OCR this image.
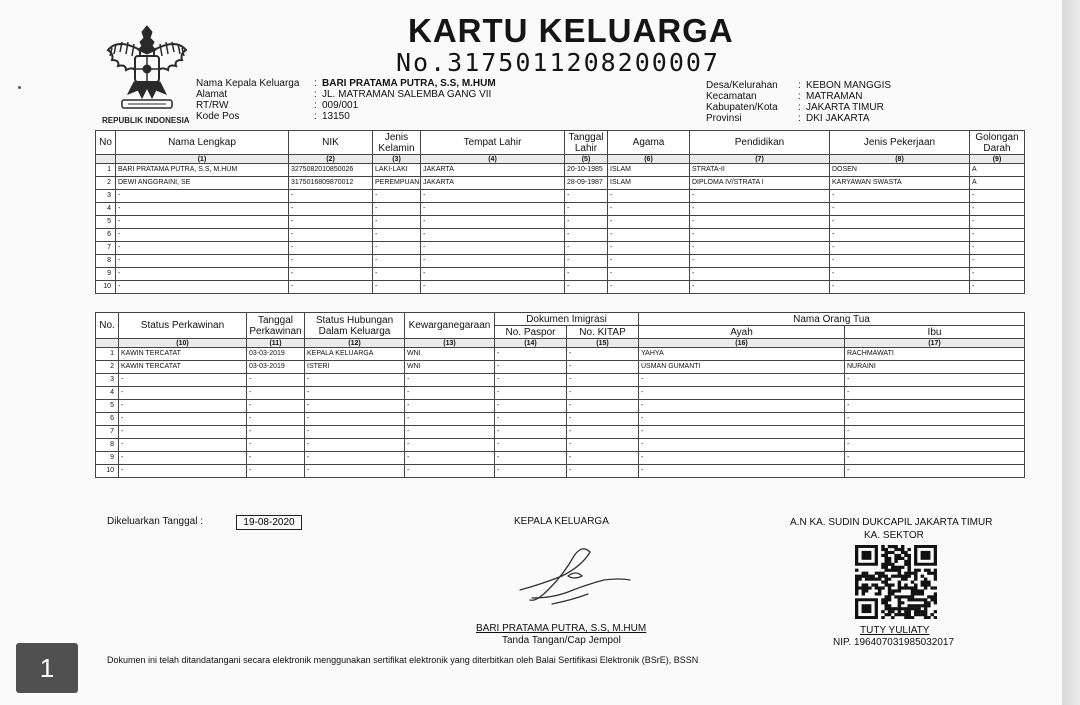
REPUBLIK INDONESIA
KARTU KELUARGA
No.3175011208200007
Nama Kepala Keluarga	: BARI PRATAMA PUTRA, S.S, M.HUM
Alamat	: JL. MATRAMAN SALEMBA GANG VII
RT/RW	: 009/001
Kode Pos	: 13150
Desa/Kelurahan	: KEBON MANGGIS
Kecamatan	: MATRAMAN
Kabupaten/Kota	: JAKARTA TIMUR
Provinsi	: DKI JAKARTA
No	Nama Lengkap	NIK	Jenis Kelamin	Tempat Lahir	Tanggal Lahir	Agama	Pendidikan	Jenis Pekerjaan	Golongan Darah
	(1)	(2)	(3)	(4)	(5)	(6)	(7)	(8)	(9)
1	BARI PRATAMA PUTRA, S.S, M.HUM	3275082010850026	LAKI-LAKI	JAKARTA	20-10-1985	ISLAM	STRATA-II	DOSEN	A
2	DEWI ANGGRAINI, SE	3175016809870012	PEREMPUAN	JAKARTA	28-09-1987	ISLAM	DIPLOMA IV/STRATA I	KARYAWAN SWASTA	A
3	-	-	-	-	-	-	-	-	-
4	-	-	-	-	-	-	-	-	-
5	-	-	-	-	-	-	-	-	-
6	-	-	-	-	-	-	-	-	-
7	-	-	-	-	-	-	-	-	-
8	-	-	-	-	-	-	-	-	-
9	-	-	-	-	-	-	-	-	-
10	-	-	-	-	-	-	-	-	-
No.	Status Perkawinan	Tanggal Perkawinan	Status Hubungan Dalam Keluarga	Kewarganegaraan	Dokumen Imigrasi		Nama Orang Tua	
					No. Paspor	No. KITAP	Ayah	Ibu
	(10)	(11)	(12)	(13)	(14)	(15)	(16)	(17)
1	KAWIN TERCATAT	03-03-2019	KEPALA KELUARGA	WNI	-	-	YAHYA	RACHMAWATI
2	KAWIN TERCATAT	03-03-2019	ISTERI	WNI	-	-	USMAN GUMANTI	NURAINI
3	-	-	-	-	-	-	-	-
4	-	-	-	-	-	-	-	-
5	-	-	-	-	-	-	-	-
6	-	-	-	-	-	-	-	-
7	-	-	-	-	-	-	-	-
8	-	-	-	-	-	-	-	-
9	-	-	-	-	-	-	-	-
10	-	-	-	-	-	-	-	-
Dikeluarkan Tanggal :	19-08-2020	KEPALA KELUARGA
BARI PRATAMA PUTRA, S.S, M.HUM
Tanda Tangan/Cap Jempol
A.N KA. SUDIN DUKCAPIL JAKARTA TIMUR
KA. SEKTOR
TUTY YULIATY
NIP. 196407031985032017
Dokumen ini telah ditandatangani secara elektronik menggunakan sertifikat elektronik yang diterbitkan oleh Balai Sertifikasi Elektronik (BSrE), BSSN
1
